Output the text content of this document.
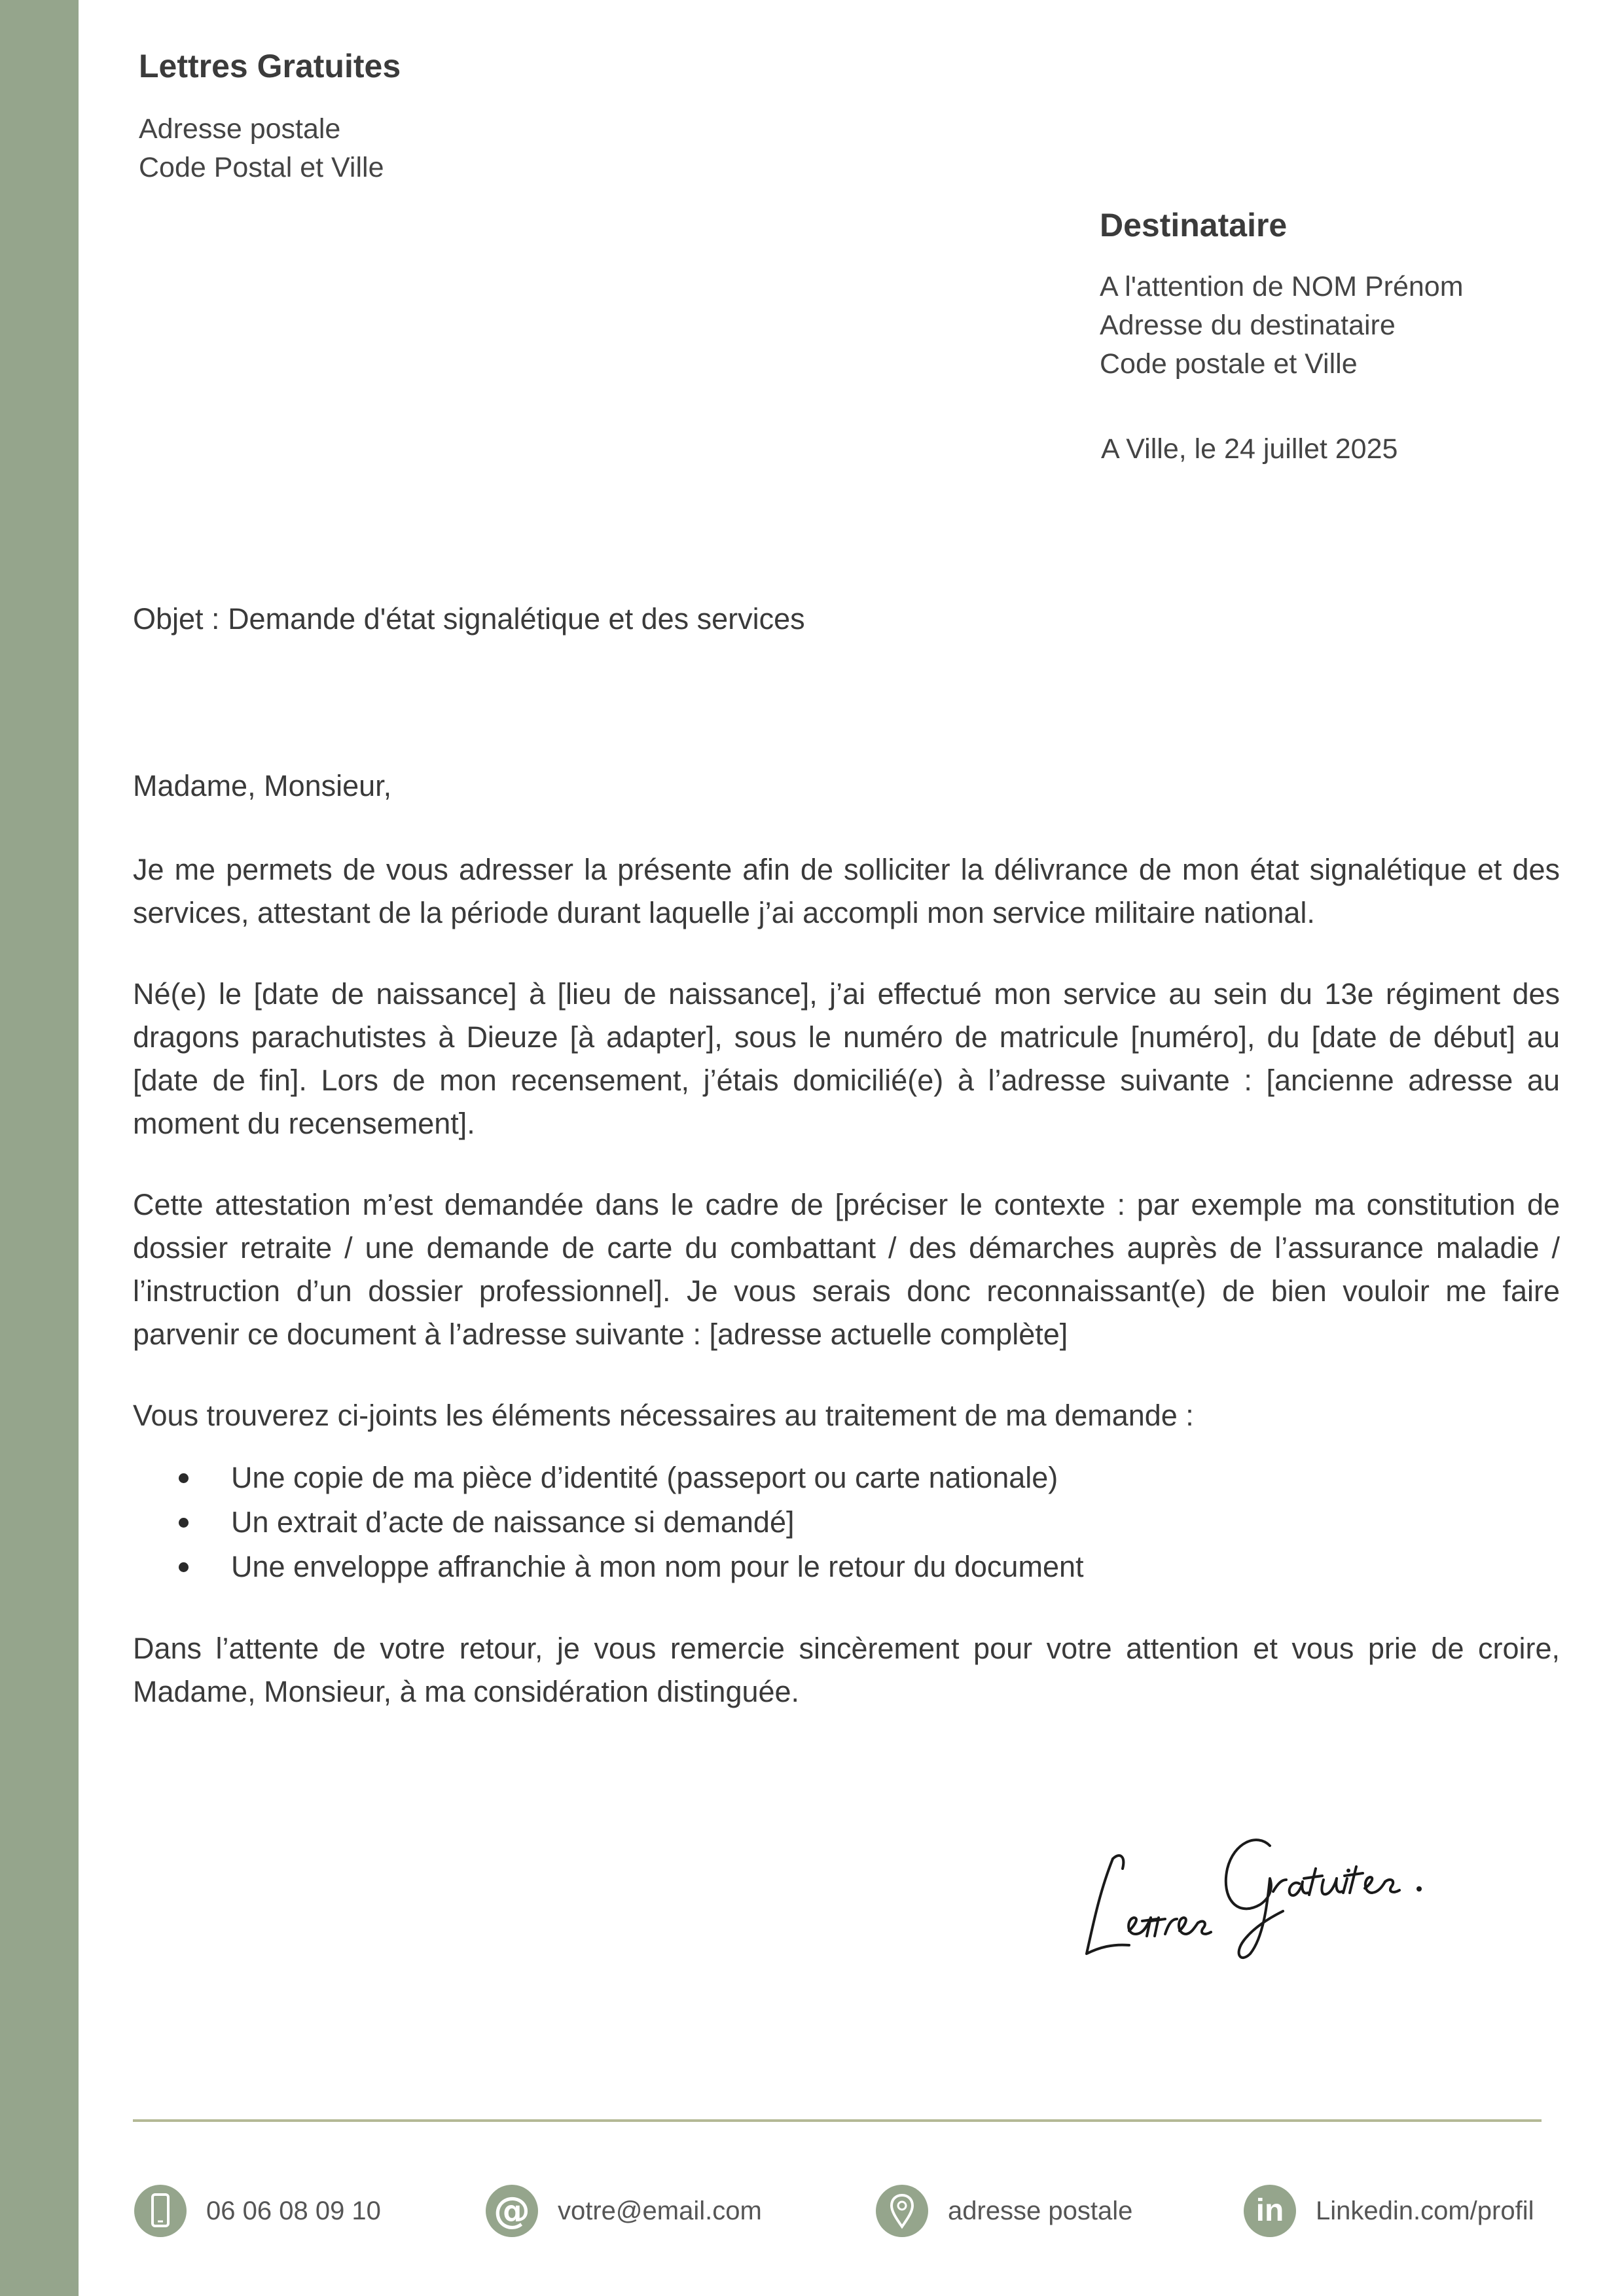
Lettres Gratuites
Adresse postale
Code Postal et Ville
Destinataire
A l'attention de NOM Prénom
Adresse du destinataire
Code postale et Ville
A Ville, le 24 juillet 2025
Objet : Demande d'état signalétique et des services

Madame, Monsieur,

Je me permets de vous adresser la présente afin de solliciter la délivrance de mon état signalétique et des services, attestant de la période durant laquelle j’ai accompli mon service militaire national.

Né(e) le [date de naissance] à [lieu de naissance], j’ai effectué mon service au sein du 13e régiment des dragons parachutistes à Dieuze [à adapter], sous le numéro de matricule [numéro], du [date de début] au [date de fin]. Lors de mon recensement, j’étais domicilié(e) à l’adresse suivante : [ancienne adresse au moment du recensement].

Cette attestation m’est demandée dans le cadre de [préciser le contexte : par exemple ma constitution de dossier retraite / une demande de carte du combattant / des démarches auprès de l’assurance maladie / l’instruction d’un dossier professionnel]. Je vous serais donc reconnaissant(e) de bien vouloir me faire parvenir ce document à l’adresse suivante : [adresse actuelle complète]

Vous trouverez ci-joints les éléments nécessaires au traitement de ma demande :

Une copie de ma pièce d’identité (passeport ou carte nationale)
Un extrait d’acte de naissance si demandé]
Une enveloppe affranchie à mon nom pour le retour du document

Dans l’attente de votre retour, je vous remercie sincèrement pour votre attention et vous prie de croire, Madame, Monsieur, à ma considération distinguée.

06 06 08 09 10	@ votre@email.com	adresse postale	in Linkedin.com/profil
